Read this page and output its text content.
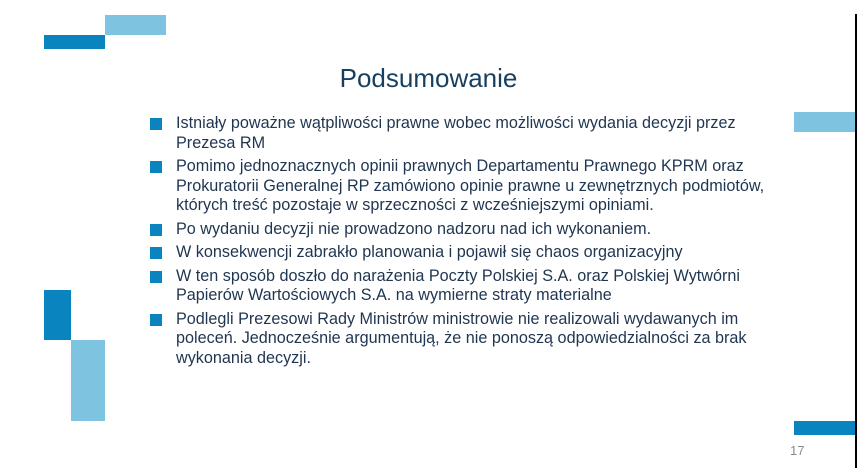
Podsumowanie
Istniały poważne wątpliwości prawne wobec możliwości wydania decyzji przez Prezesa RM
Pomimo jednoznacznych opinii prawnych Departamentu Prawnego KPRM oraz Prokuratorii Generalnej RP zamówiono opinie prawne u zewnętrznych podmiotów, których treść pozostaje w sprzeczności z wcześniejszymi opiniami.
Po wydaniu decyzji nie prowadzono nadzoru nad ich wykonaniem.
W konsekwencji zabrakło planowania i pojawił się chaos organizacyjny
W ten sposób doszło do narażenia Poczty Polskiej S.A. oraz Polskiej Wytwórni Papierów Wartościowych S.A. na wymierne straty materialne
Podlegli Prezesowi Rady Ministrów ministrowie nie realizowali wydawanych im poleceń. Jednocześnie argumentują, że nie ponoszą odpowiedzialności za brak wykonania decyzji.
17
